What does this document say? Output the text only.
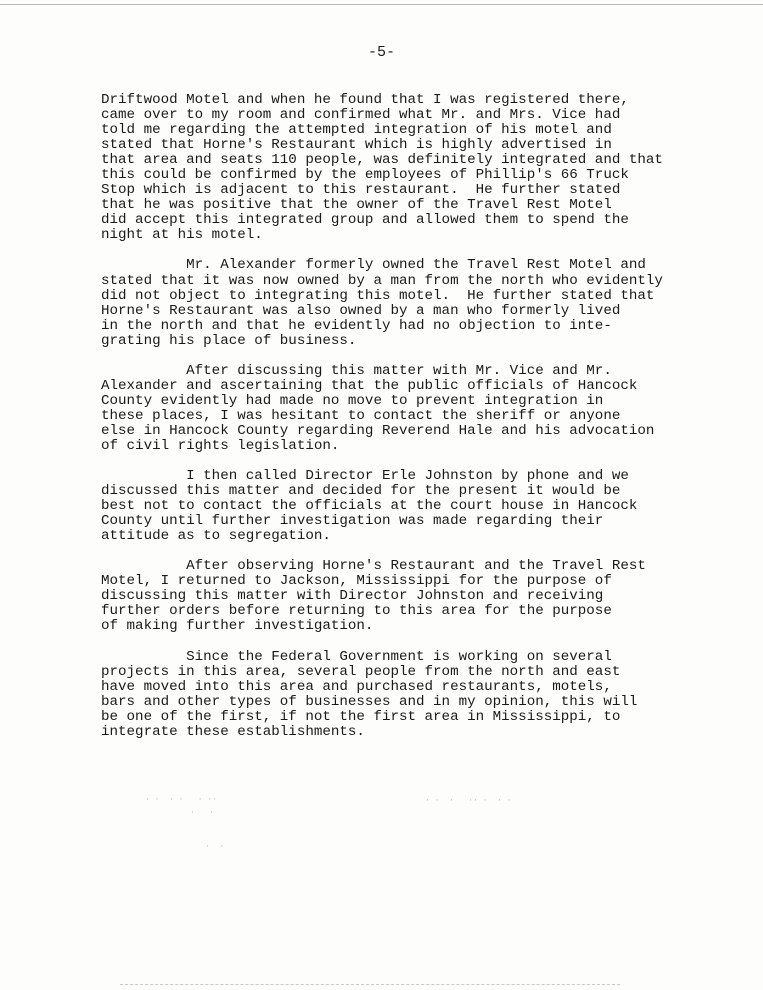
-5-
Driftwood Motel and when he found that I was registered there,
came over to my room and confirmed what Mr. and Mrs. Vice had
told me regarding the attempted integration of his motel and
stated that Horne's Restaurant which is highly advertised in
that area and seats 110 people, was definitely integrated and that
this could be confirmed by the employees of Phillip's 66 Truck
Stop which is adjacent to this restaurant.  He further stated
that he was positive that the owner of the Travel Rest Motel
did accept this integrated group and allowed them to spend the
night at his motel.
Mr. Alexander formerly owned the Travel Rest Motel and
stated that it was now owned by a man from the north who evidently
did not object to integrating this motel.  He further stated that
Horne's Restaurant was also owned by a man who formerly lived
in the north and that he evidently had no objection to inte-
grating his place of business.
After discussing this matter with Mr. Vice and Mr.
Alexander and ascertaining that the public officials of Hancock
County evidently had made no move to prevent integration in
these places, I was hesitant to contact the sheriff or anyone
else in Hancock County regarding Reverend Hale and his advocation
of civil rights legislation.
I then called Director Erle Johnston by phone and we
discussed this matter and decided for the present it would be
best not to contact the officials at the court house in Hancock
County until further investigation was made regarding their
attitude as to segregation.
After observing Horne's Restaurant and the Travel Rest
Motel, I returned to Jackson, Mississippi for the purpose of
discussing this matter with Director Johnston and receiving
further orders before returning to this area for the purpose
of making further investigation.
Since the Federal Government is working on several
projects in this area, several people from the north and east
have moved into this area and purchased restaurants, motels,
bars and other types of businesses and in my opinion, this will
be one of the first, if not the first area in Mississippi, to
integrate these establishments.
· ·  · ·   · ··
·   ·
·  ·
· ·  ·   ·· ·  · ·
